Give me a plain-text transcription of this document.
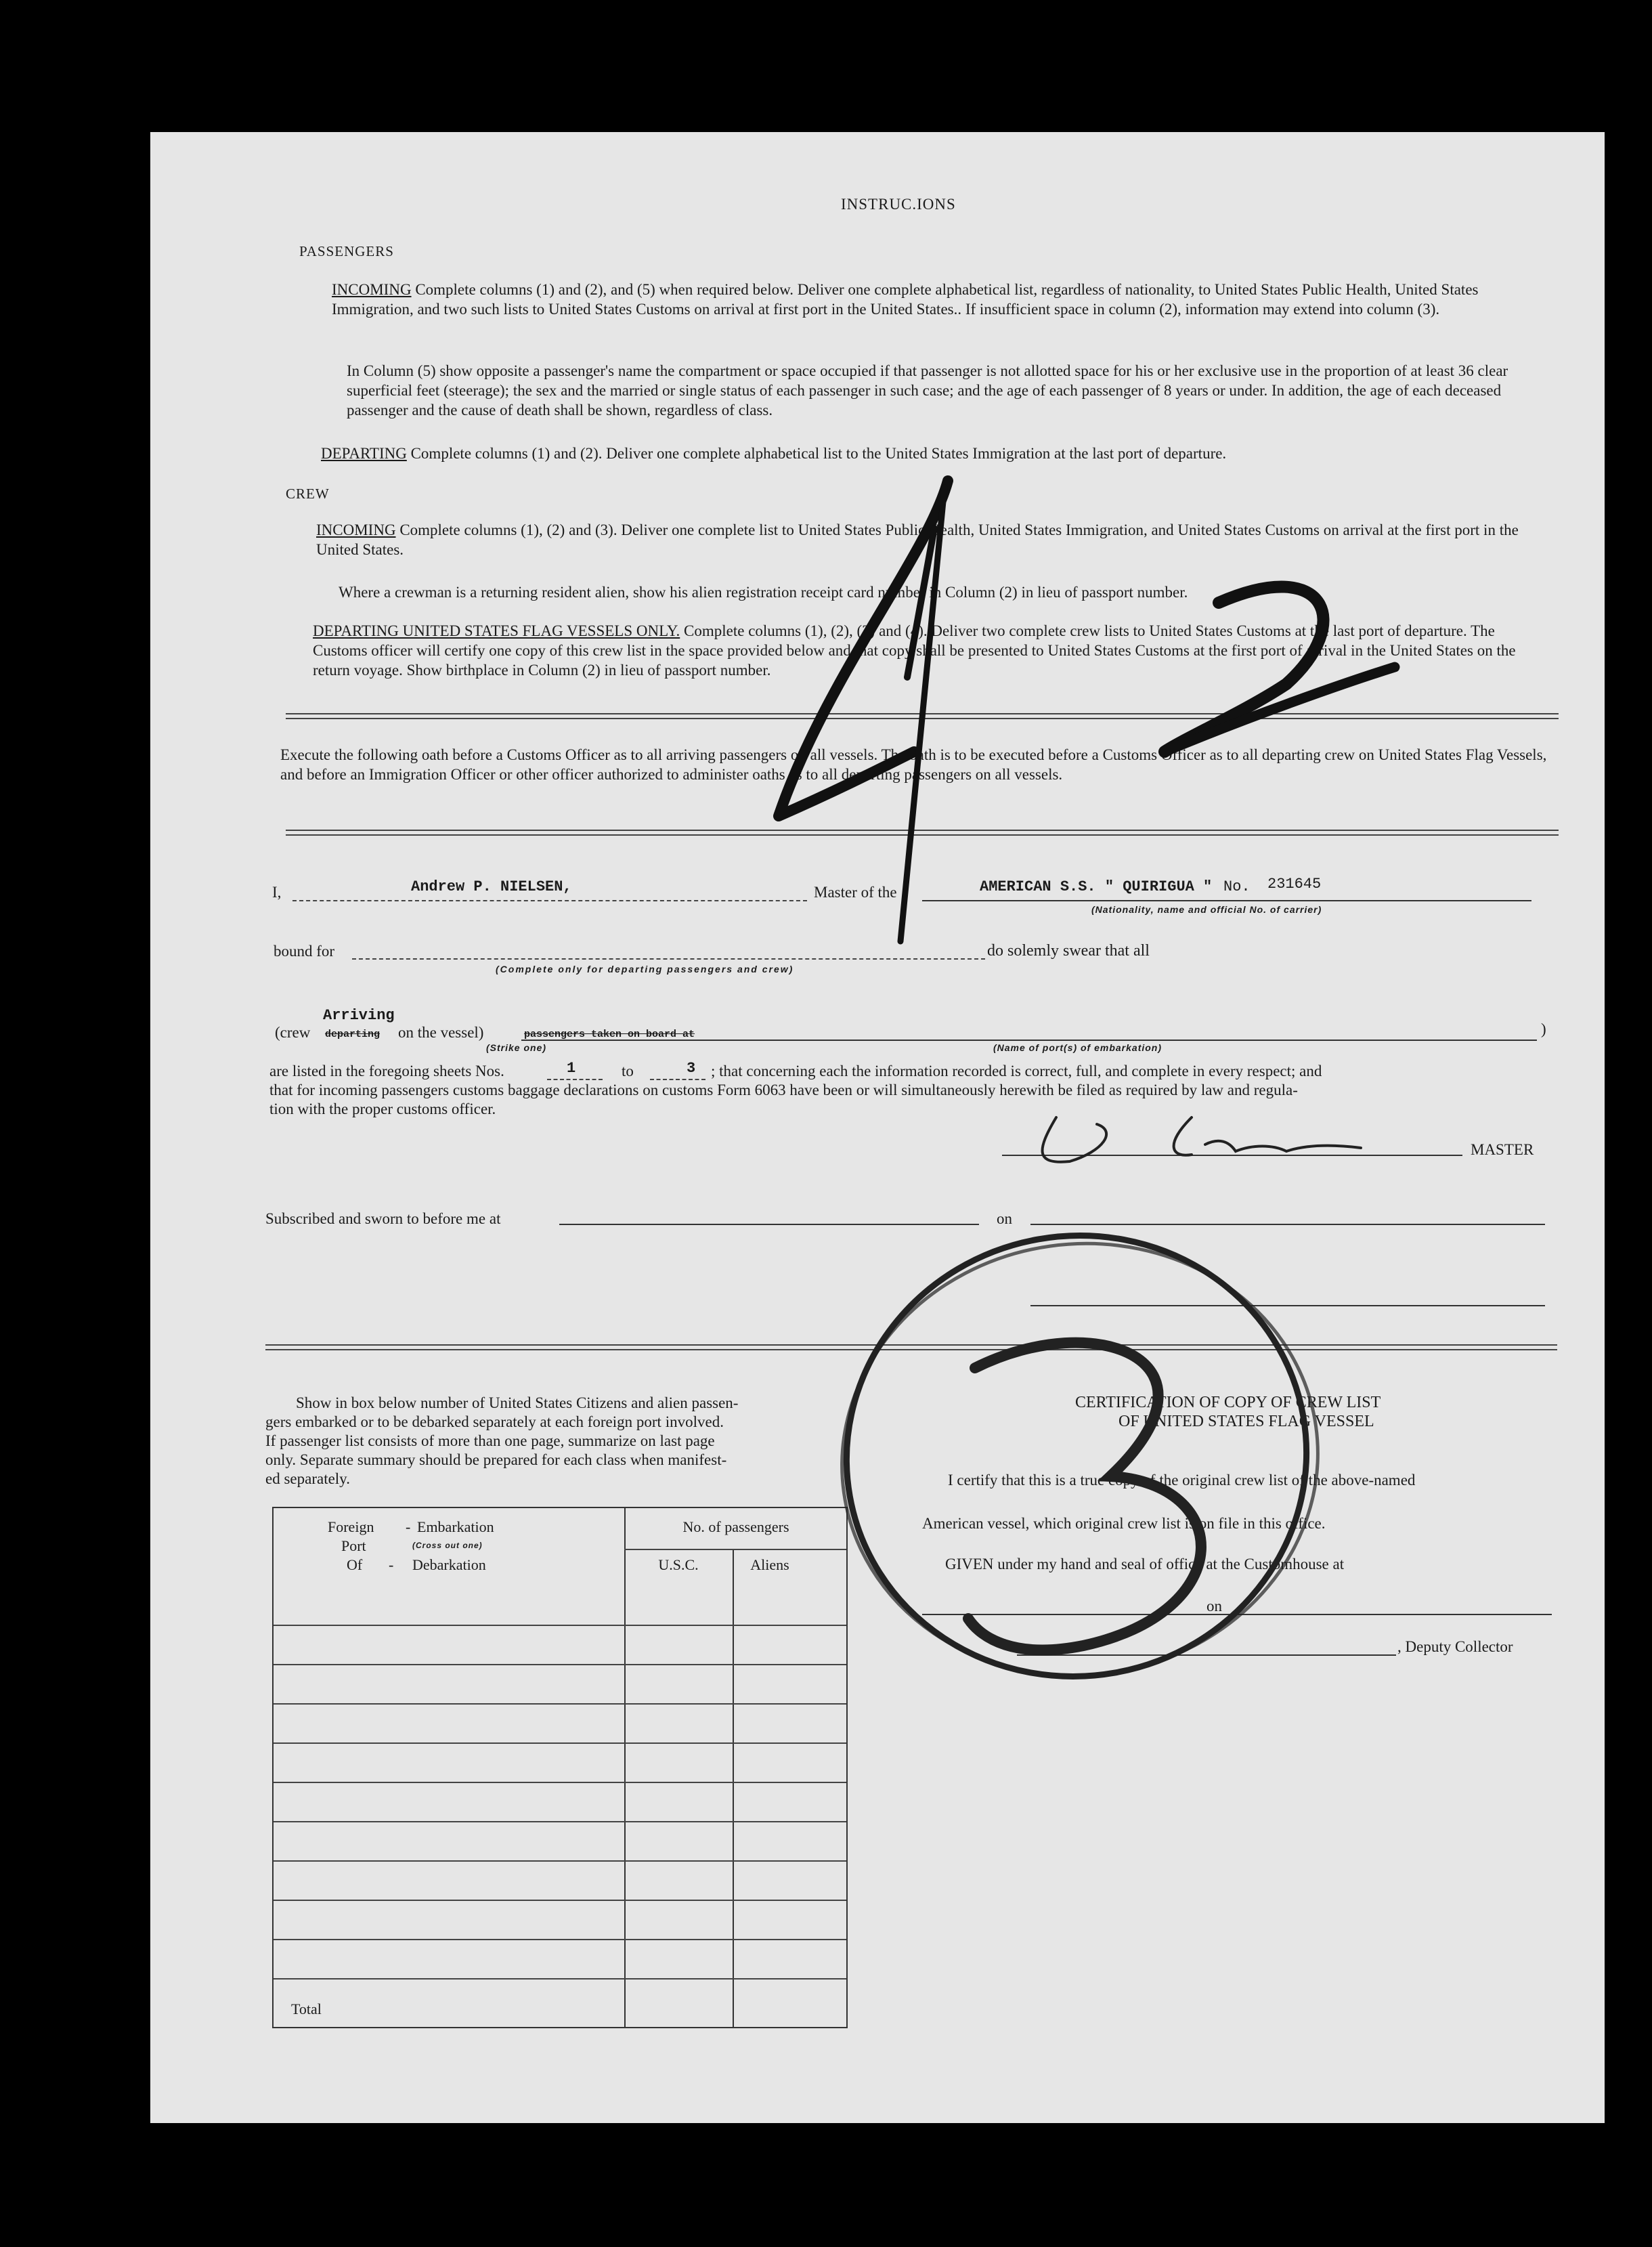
INSTRUC.IONS
PASSENGERS
INCOMING Complete columns (1) and (2), and (5) when required below. Deliver one complete alphabetical list, regardless of nationality, to United States Public Health, United States Immigration, and two such lists to United States Customs on arrival at first port in the United States.. If insufficient space in column (2), information may extend into column (3).
In Column (5) show opposite a passenger's name the compartment or space occupied if that passenger is not allotted space for his or her exclusive use in the proportion of at least 36 clear superficial feet (steerage); the sex and the married or single status of each passenger in such case; and the age of each passenger of 8 years or under. In addition, the age of each deceased passenger and the cause of death shall be shown, regardless of class.
DEPARTING Complete columns (1) and (2). Deliver one complete alphabetical list to the United States Immigration at the last port of departure.
CREW
INCOMING Complete columns (1), (2) and (3). Deliver one complete list to United States Public Health, United States Immigration, and United States Customs on arrival at the first port in the United States.
Where a crewman is a returning resident alien, show his alien registration receipt card number in Column (2) in lieu of passport number.
DEPARTING UNITED STATES FLAG VESSELS ONLY. Complete columns (1), (2), (3) and (4). Deliver two complete crew lists to United States Customs at the last port of departure. The Customs officer will certify one copy of this crew list in the space provided below and that copy shall be presented to United States Customs at the first port of arrival in the United States on the return voyage. Show birthplace in Column (2) in lieu of passport number.
Execute the following oath before a Customs Officer as to all arriving passengers on all vessels. The oath is to be executed before a Customs Officer as to all departing crew on United States Flag Vessels, and before an Immigration Officer or other officer authorized to administer oaths as to all departing passengers on all vessels.
I,	Andrew P. NIELSEN,	Master of the	AMERICAN S.S. " QUIRIGUA " No. 231645
(Nationality, name and official No. of carrier)
bound for	do solemly swear that all
(Complete only for departing passengers and crew)
Arriving
(crew departing on the vessel)	passengers taken on board at	)
(Strike one)	(Name of port(s) of embarkation)
are listed in the foregoing sheets Nos.	1	to	3 ; that concerning each the information recorded is correct, full, and complete in every respect; and
that for incoming passengers customs baggage declarations on customs Form 6063 have been or will simultaneously herewith be filed as required by law and regula-
tion with the proper customs officer.
MASTER
Subscribed and sworn to before me at	on
Show in box below number of United States Citizens and alien passen-
gers embarked or to be debarked separately at each foreign port involved.
If passenger list consists of more than one page, summarize on last page
only. Separate summary should be prepared for each class when manifest-
ed separately.
Foreign - Embarkation
Port	(Cross out one)
Of - Debarkation
No. of passengers
U.S.C.	Aliens
Total
CERTIFICATION OF COPY OF CREW LIST
OF UNITED STATES FLAG VESSEL
I certify that this is a true copy of the original crew list of the above-named
American vessel, which original crew list is on file in this office.
GIVEN under my hand and seal of office at the Customhouse at
on
, Deputy Collector
